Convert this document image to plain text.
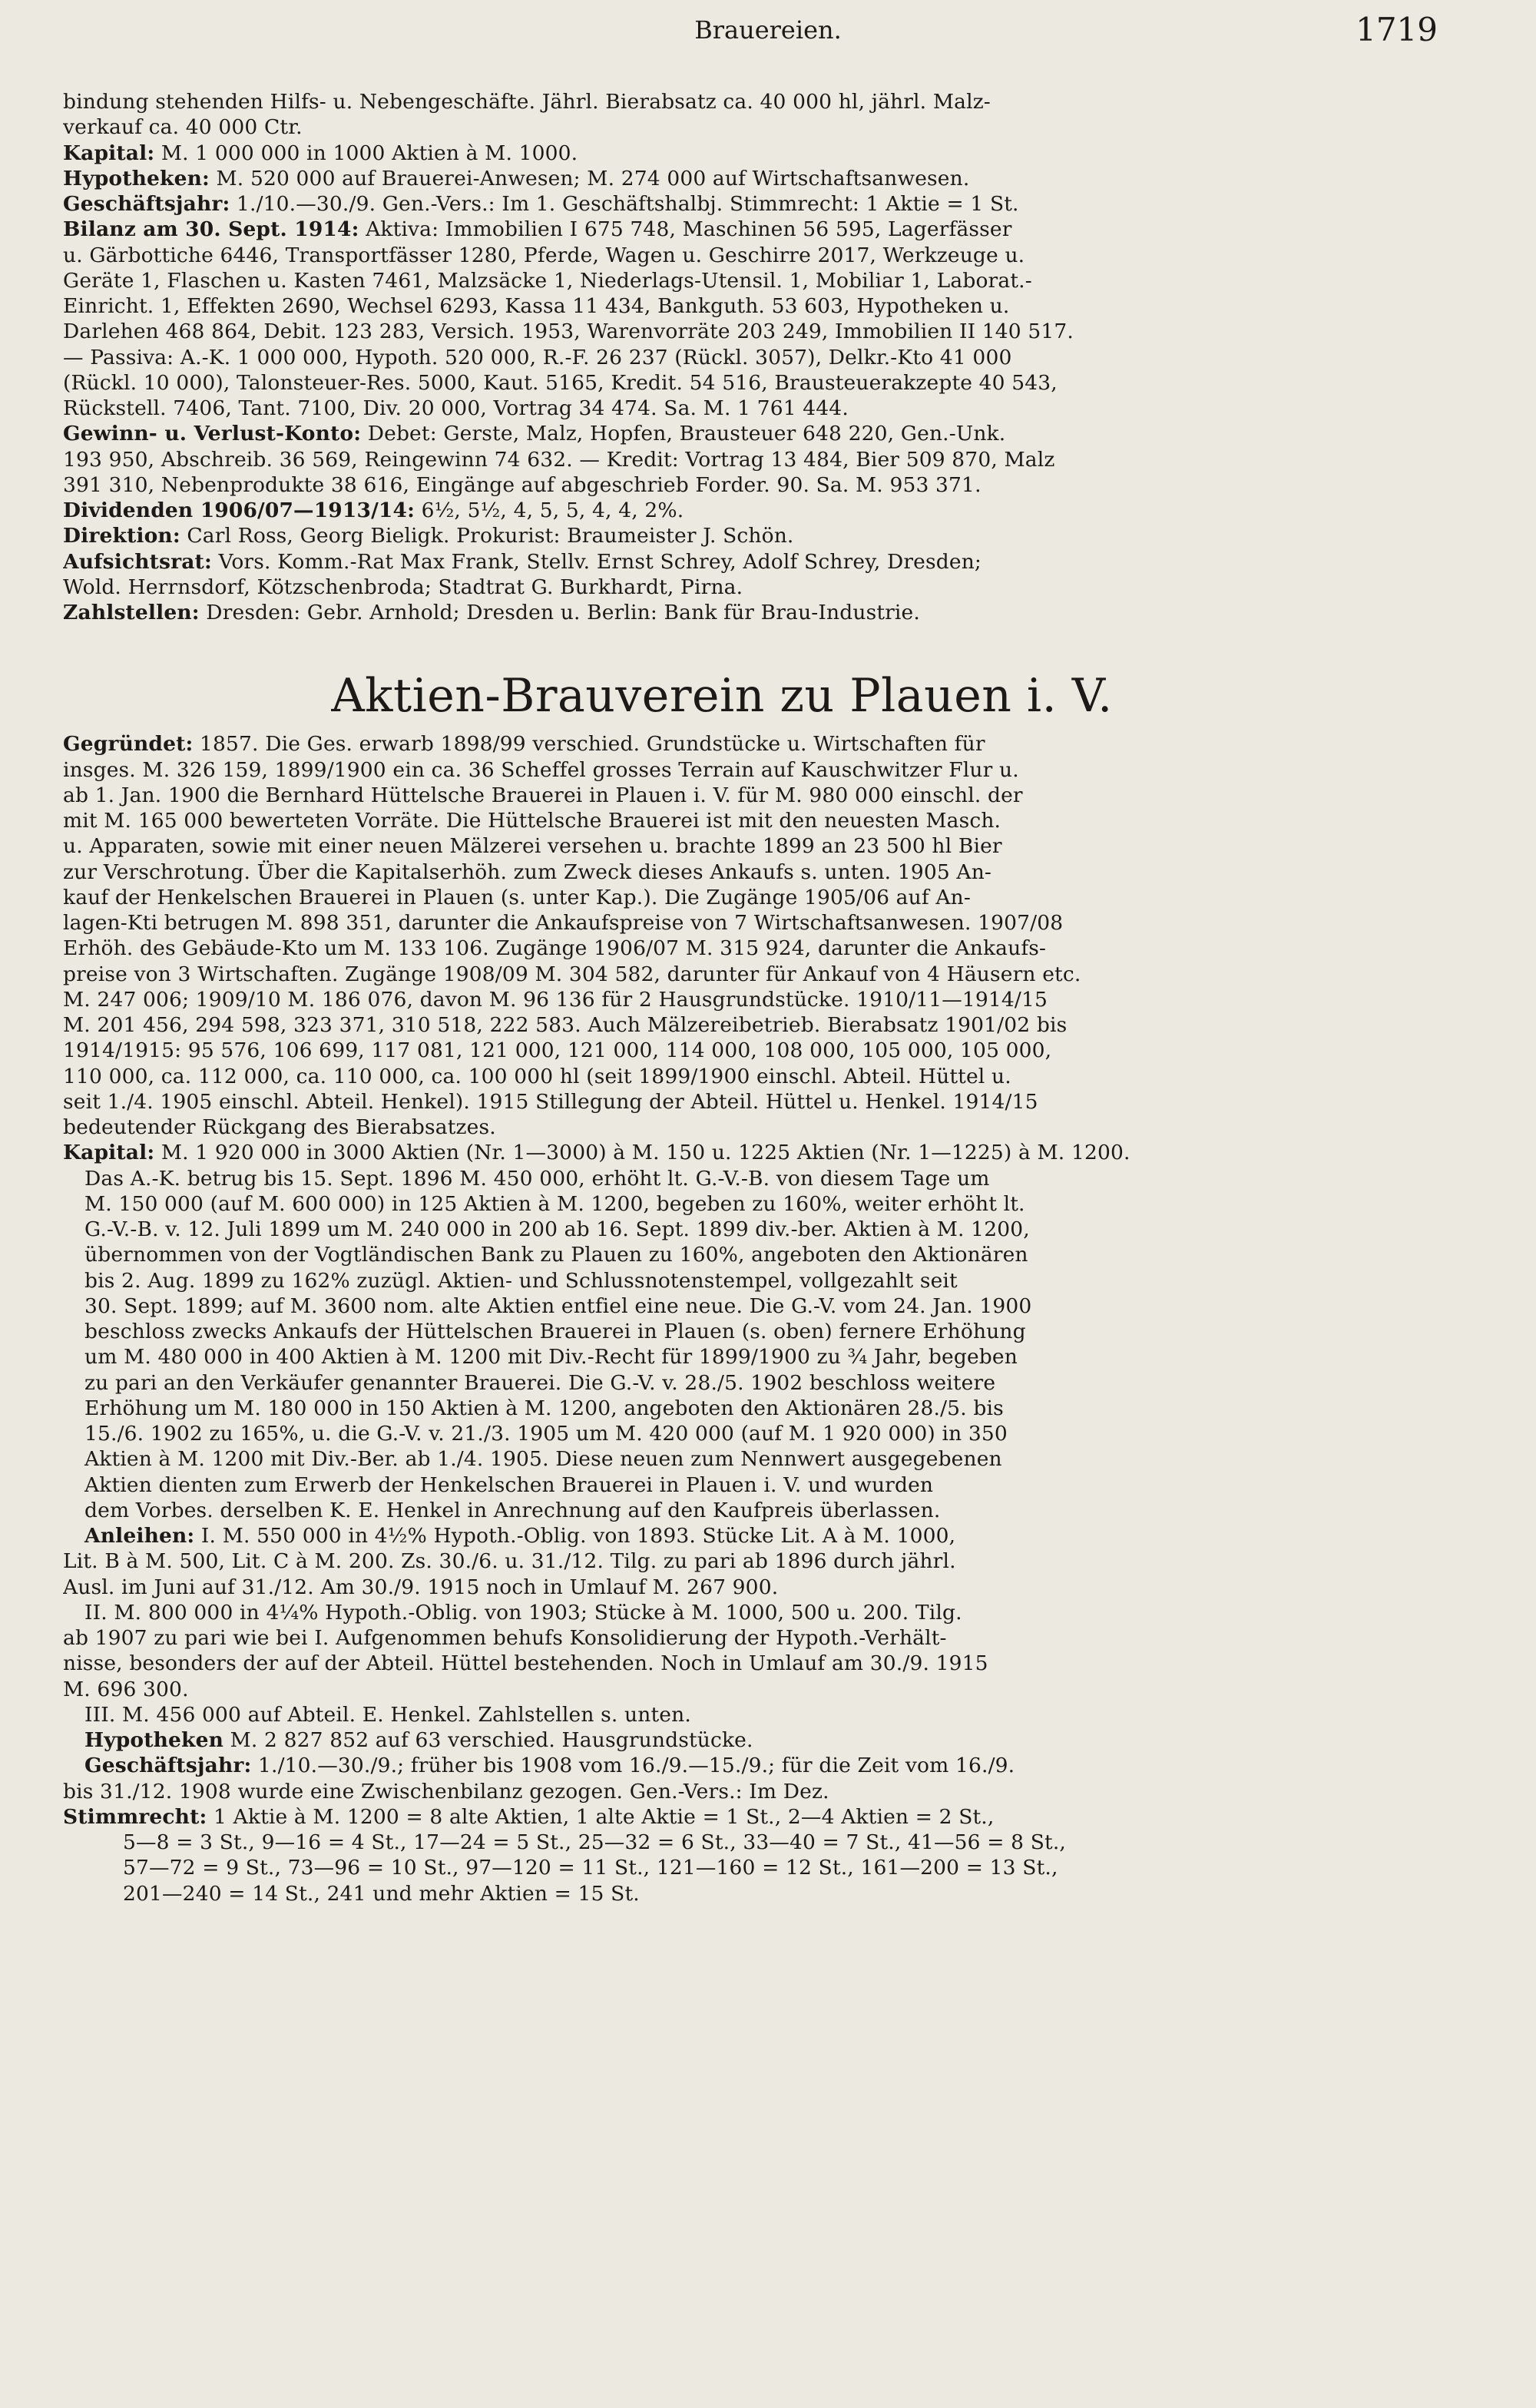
Brauereien.	1719
bindung stehenden Hilfs- u. Nebengeschäfte. Jährl. Bierabsatz ca. 40 000 hl, jährl. Malz-
verkauf ca. 40 000 Ctr.
Kapital: M. 1 000 000 in 1000 Aktien à M. 1000.
Hypotheken: M. 520 000 auf Brauerei-Anwesen; M. 274 000 auf Wirtschaftsanwesen.
Geschäftsjahr: 1./10.—30./9. Gen.-Vers.: Im 1. Geschäftshalbj. Stimmrecht: 1 Aktie = 1 St.
Bilanz am 30. Sept. 1914: Aktiva: Immobilien I 675 748, Maschinen 56 595, Lagerfässer
u. Gärbottiche 6446, Transportfässer 1280, Pferde, Wagen u. Geschirre 2017, Werkzeuge u.
Geräte 1, Flaschen u. Kasten 7461, Malzsäcke 1, Niederlags-Utensil. 1, Mobiliar 1, Laborat.-
Einricht. 1, Effekten 2690, Wechsel 6293, Kassa 11 434, Bankguth. 53 603, Hypotheken u.
Darlehen 468 864, Debit. 123 283, Versich. 1953, Warenvorräte 203 249, Immobilien II 140 517.
— Passiva: A.-K. 1 000 000, Hypoth. 520 000, R.-F. 26 237 (Rückl. 3057), Delkr.-Kto 41 000
(Rückl. 10 000), Talonsteuer-Res. 5000, Kaut. 5165, Kredit. 54 516, Brausteuerakzepte 40 543,
Rückstell. 7406, Tant. 7100, Div. 20 000, Vortrag 34 474. Sa. M. 1 761 444.
Gewinn- u. Verlust-Konto: Debet: Gerste, Malz, Hopfen, Brausteuer 648 220, Gen.-Unk.
193 950, Abschreib. 36 569, Reingewinn 74 632. — Kredit: Vortrag 13 484, Bier 509 870, Malz
391 310, Nebenprodukte 38 616, Eingänge auf abgeschrieb Forder. 90. Sa. M. 953 371.
Dividenden 1906/07—1913/14: 6½, 5½, 4, 5, 5, 4, 4, 2%.
Direktion: Carl Ross, Georg Bieligk. Prokurist: Braumeister J. Schön.
Aufsichtsrat: Vors. Komm.-Rat Max Frank, Stellv. Ernst Schrey, Adolf Schrey, Dresden;
Wold. Herrnsdorf, Kötzschenbroda; Stadtrat G. Burkhardt, Pirna.
Zahlstellen: Dresden: Gebr. Arnhold; Dresden u. Berlin: Bank für Brau-Industrie.
Aktien-Brauverein zu Plauen i. V.
Gegründet: 1857. Die Ges. erwarb 1898/99 verschied. Grundstücke u. Wirtschaften für
insges. M. 326 159, 1899/1900 ein ca. 36 Scheffel grosses Terrain auf Kauschwitzer Flur u.
ab 1. Jan. 1900 die Bernhard Hüttelsche Brauerei in Plauen i. V. für M. 980 000 einschl. der
mit M. 165 000 bewerteten Vorräte. Die Hüttelsche Brauerei ist mit den neuesten Masch.
u. Apparaten, sowie mit einer neuen Mälzerei versehen u. brachte 1899 an 23 500 hl Bier
zur Verschrotung. Über die Kapitalserhöh. zum Zweck dieses Ankaufs s. unten. 1905 An-
kauf der Henkelschen Brauerei in Plauen (s. unter Kap.). Die Zugänge 1905/06 auf An-
lagen-Kti betrugen M. 898 351, darunter die Ankaufspreise von 7 Wirtschaftsanwesen. 1907/08
Erhöh. des Gebäude-Kto um M. 133 106. Zugänge 1906/07 M. 315 924, darunter die Ankaufs-
preise von 3 Wirtschaften. Zugänge 1908/09 M. 304 582, darunter für Ankauf von 4 Häusern etc.
M. 247 006; 1909/10 M. 186 076, davon M. 96 136 für 2 Hausgrundstücke. 1910/11—1914/15
M. 201 456, 294 598, 323 371, 310 518, 222 583. Auch Mälzereibetrieb. Bierabsatz 1901/02 bis
1914/1915: 95 576, 106 699, 117 081, 121 000, 121 000, 114 000, 108 000, 105 000, 105 000,
110 000, ca. 112 000, ca. 110 000, ca. 100 000 hl (seit 1899/1900 einschl. Abteil. Hüttel u.
seit 1./4. 1905 einschl. Abteil. Henkel). 1915 Stillegung der Abteil. Hüttel u. Henkel. 1914/15
bedeutender Rückgang des Bierabsatzes.
Kapital: M. 1 920 000 in 3000 Aktien (Nr. 1—3000) à M. 150 u. 1225 Aktien (Nr. 1—1225) à M. 1200.
Das A.-K. betrug bis 15. Sept. 1896 M. 450 000, erhöht lt. G.-V.-B. von diesem Tage um
M. 150 000 (auf M. 600 000) in 125 Aktien à M. 1200, begeben zu 160%, weiter erhöht lt.
G.-V.-B. v. 12. Juli 1899 um M. 240 000 in 200 ab 16. Sept. 1899 div.-ber. Aktien à M. 1200,
übernommen von der Vogtländischen Bank zu Plauen zu 160%, angeboten den Aktionären
bis 2. Aug. 1899 zu 162% zuzügl. Aktien- und Schlussnotenstempel, vollgezahlt seit
30. Sept. 1899; auf M. 3600 nom. alte Aktien entfiel eine neue. Die G.-V. vom 24. Jan. 1900
beschloss zwecks Ankaufs der Hüttelschen Brauerei in Plauen (s. oben) fernere Erhöhung
um M. 480 000 in 400 Aktien à M. 1200 mit Div.-Recht für 1899/1900 zu ¾ Jahr, begeben
zu pari an den Verkäufer genannter Brauerei. Die G.-V. v. 28./5. 1902 beschloss weitere
Erhöhung um M. 180 000 in 150 Aktien à M. 1200, angeboten den Aktionären 28./5. bis
15./6. 1902 zu 165%, u. die G.-V. v. 21./3. 1905 um M. 420 000 (auf M. 1 920 000) in 350
Aktien à M. 1200 mit Div.-Ber. ab 1./4. 1905. Diese neuen zum Nennwert ausgegebenen
Aktien dienten zum Erwerb der Henkelschen Brauerei in Plauen i. V. und wurden
dem Vorbes. derselben K. E. Henkel in Anrechnung auf den Kaufpreis überlassen.
Anleihen: I. M. 550 000 in 4½% Hypoth.-Oblig. von 1893. Stücke Lit. A à M. 1000,
Lit. B à M. 500, Lit. C à M. 200. Zs. 30./6. u. 31./12. Tilg. zu pari ab 1896 durch jährl.
Ausl. im Juni auf 31./12. Am 30./9. 1915 noch in Umlauf M. 267 900.
II. M. 800 000 in 4¼% Hypoth.-Oblig. von 1903; Stücke à M. 1000, 500 u. 200. Tilg.
ab 1907 zu pari wie bei I. Aufgenommen behufs Konsolidierung der Hypoth.-Verhält-
nisse, besonders der auf der Abteil. Hüttel bestehenden. Noch in Umlauf am 30./9. 1915
M. 696 300.
III. M. 456 000 auf Abteil. E. Henkel. Zahlstellen s. unten.
Hypotheken M. 2 827 852 auf 63 verschied. Hausgrundstücke.
Geschäftsjahr: 1./10.—30./9.; früher bis 1908 vom 16./9.—15./9.; für die Zeit vom 16./9.
bis 31./12. 1908 wurde eine Zwischenbilanz gezogen. Gen.-Vers.: Im Dez.
Stimmrecht: 1 Aktie à M. 1200 = 8 alte Aktien, 1 alte Aktie = 1 St., 2—4 Aktien = 2 St.,
5—8 = 3 St., 9—16 = 4 St., 17—24 = 5 St., 25—32 = 6 St., 33—40 = 7 St., 41—56 = 8 St.,
57—72 = 9 St., 73—96 = 10 St., 97—120 = 11 St., 121—160 = 12 St., 161—200 = 13 St.,
201—240 = 14 St., 241 und mehr Aktien = 15 St.
